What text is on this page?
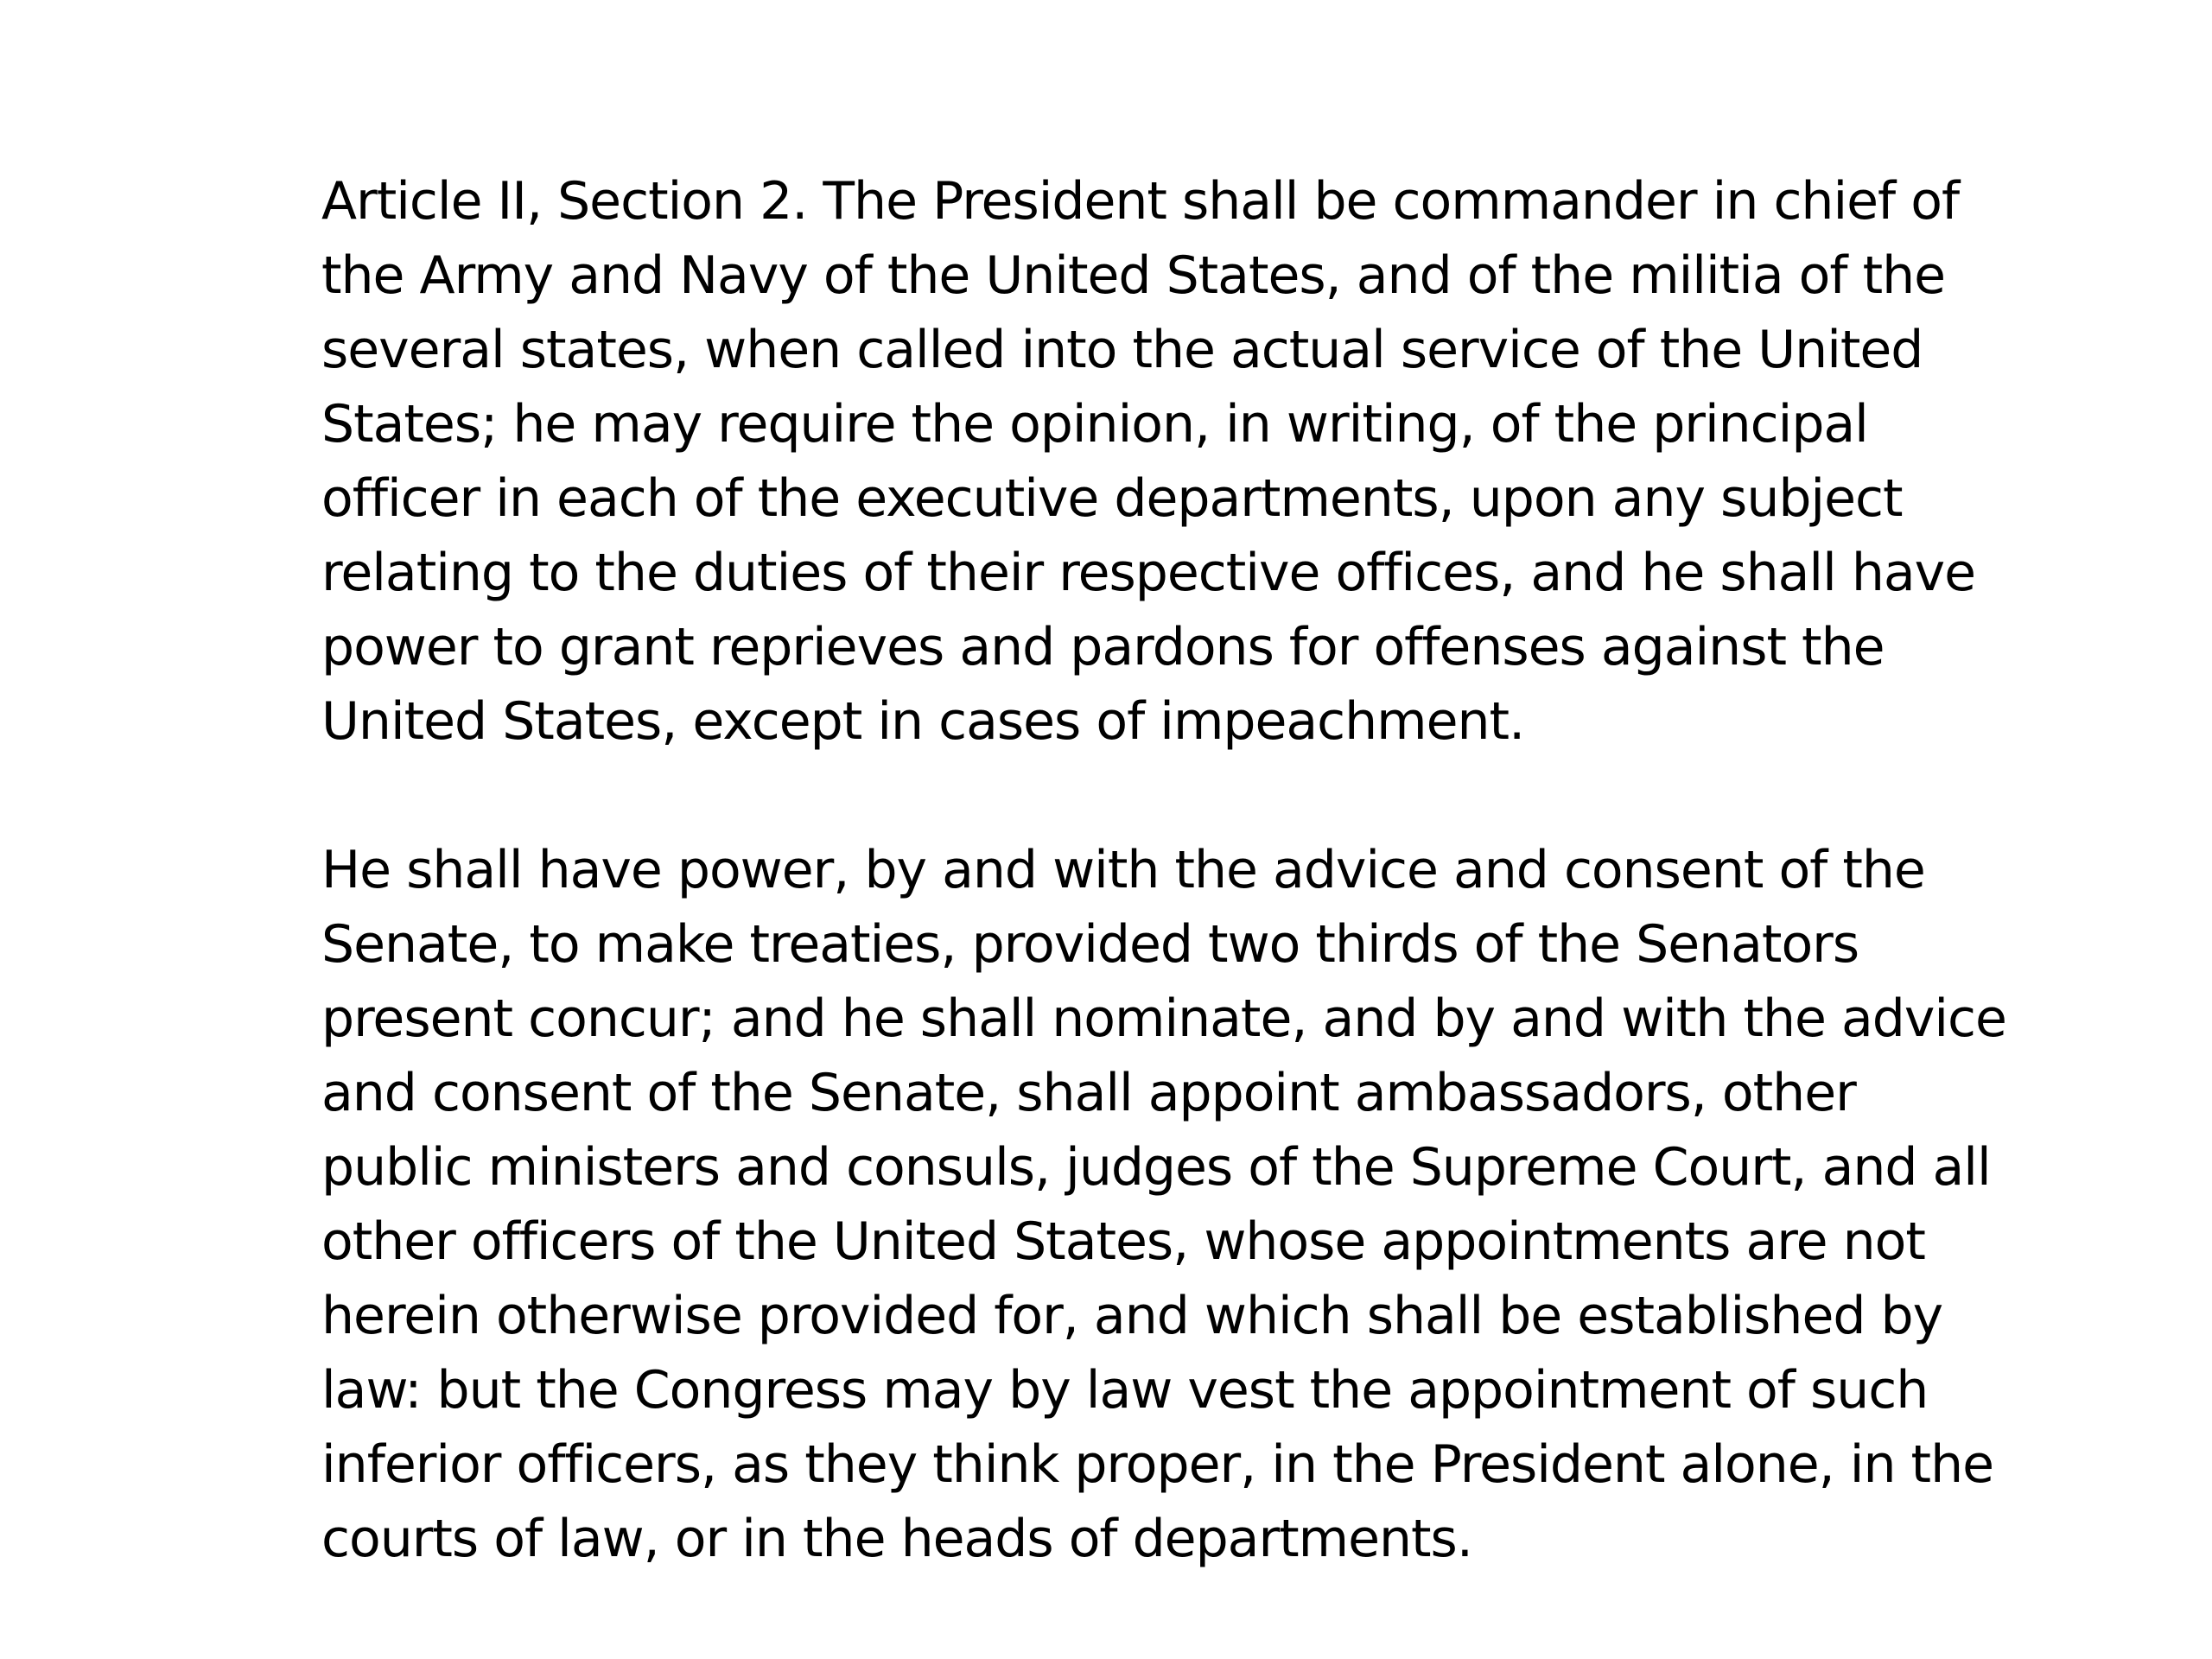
Article II, Section 2. The President shall be commander in chief of
the Army and Navy of the United States, and of the militia of the
several states, when called into the actual service of the United
States; he may require the opinion, in writing, of the principal
officer in each of the executive departments, upon any subject
relating to the duties of their respective offices, and he shall have
power to grant reprieves and pardons for offenses against the
United States, except in cases of impeachment.

He shall have power, by and with the advice and consent of the
Senate, to make treaties, provided two thirds of the Senators
present concur; and he shall nominate, and by and with the advice
and consent of the Senate, shall appoint ambassadors, other
public ministers and consuls, judges of the Supreme Court, and all
other officers of the United States, whose appointments are not
herein otherwise provided for, and which shall be established by
law: but the Congress may by law vest the appointment of such
inferior officers, as they think proper, in the President alone, in the
courts of law, or in the heads of departments.
